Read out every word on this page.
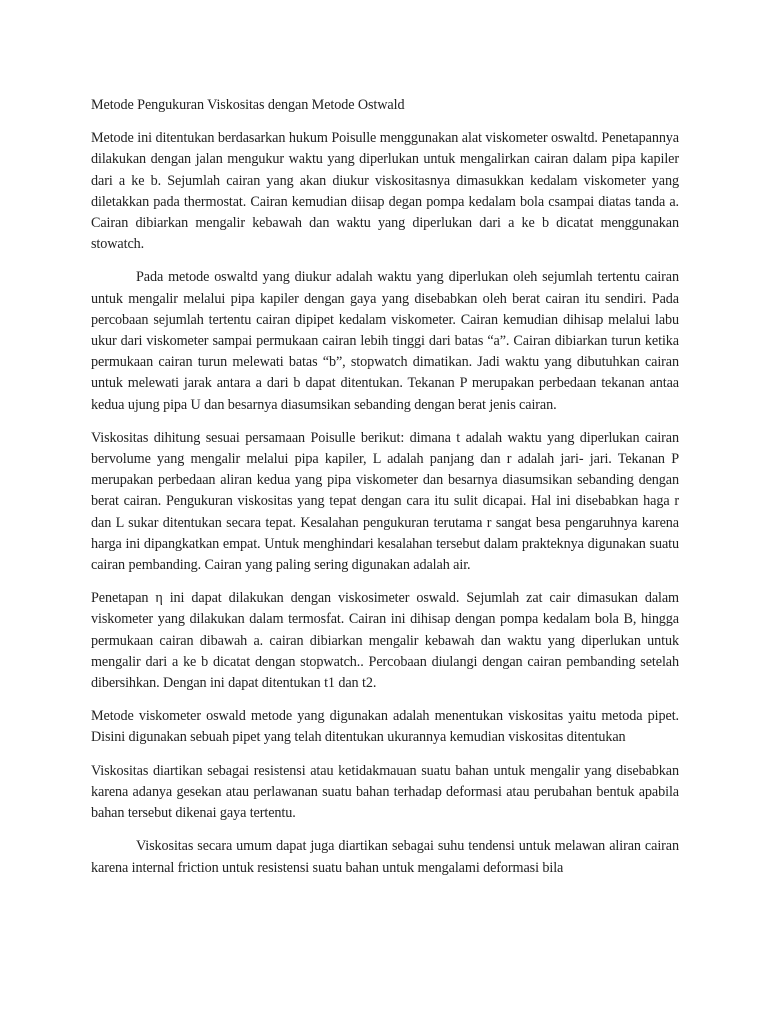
Metode Pengukuran Viskositas dengan Metode Ostwald

Metode ini ditentukan berdasarkan hukum Poisulle menggunakan alat viskometer oswaltd. Penetapannya dilakukan dengan jalan mengukur waktu yang diperlukan untuk mengalirkan cairan dalam pipa kapiler dari a ke b. Sejumlah cairan yang akan diukur viskositasnya dimasukkan kedalam viskometer yang diletakkan pada thermostat. Cairan kemudian diisap degan pompa kedalam bola csampai diatas tanda a. Cairan dibiarkan mengalir kebawah dan waktu yang diperlukan dari a ke b dicatat menggunakan stowatch.

Pada metode oswaltd yang diukur adalah waktu yang diperlukan oleh sejumlah tertentu cairan untuk mengalir melalui pipa kapiler dengan gaya yang disebabkan oleh berat cairan itu sendiri. Pada percobaan sejumlah tertentu cairan dipipet kedalam viskometer. Cairan kemudian dihisap melalui labu ukur dari viskometer sampai permukaan cairan lebih tinggi dari batas “a”. Cairan dibiarkan turun ketika permukaan cairan turun melewati batas “b”, stopwatch dimatikan. Jadi waktu yang dibutuhkan cairan untuk melewati jarak antara a dari b dapat ditentukan. Tekanan P merupakan perbedaan tekanan antaa kedua ujung pipa U dan besarnya diasumsikan sebanding dengan berat jenis cairan.

Viskositas dihitung sesuai persamaan Poisulle berikut: dimana t adalah waktu yang diperlukan cairan bervolume yang mengalir melalui pipa kapiler, L adalah panjang dan r adalah jari- jari. Tekanan P merupakan perbedaan aliran kedua yang pipa viskometer dan besarnya diasumsikan sebanding dengan berat cairan. Pengukuran viskositas yang tepat dengan cara itu sulit dicapai. Hal ini disebabkan haga r dan L sukar ditentukan secara tepat. Kesalahan pengukuran terutama r sangat besa pengaruhnya karena harga ini dipangkatkan empat. Untuk menghindari kesalahan tersebut dalam prakteknya digunakan suatu cairan pembanding. Cairan yang paling sering digunakan adalah air.

Penetapan η ini dapat dilakukan dengan viskosimeter oswald. Sejumlah zat cair dimasukan dalam viskometer yang dilakukan dalam termosfat. Cairan ini dihisap dengan pompa kedalam bola B, hingga permukaan cairan dibawah a. cairan dibiarkan mengalir kebawah dan waktu yang diperlukan untuk mengalir dari a ke b dicatat dengan stopwatch.. Percobaan diulangi dengan cairan pembanding setelah dibersihkan. Dengan ini dapat ditentukan t1 dan t2.

Metode viskometer oswald metode yang digunakan adalah menentukan viskositas yaitu metoda pipet. Disini digunakan sebuah pipet yang telah ditentukan ukurannya kemudian viskositas ditentukan

Viskositas diartikan sebagai resistensi atau ketidakmauan suatu bahan untuk mengalir yang disebabkan karena adanya gesekan atau perlawanan suatu bahan terhadap deformasi atau perubahan bentuk apabila bahan tersebut dikenai gaya tertentu.

Viskositas secara umum dapat juga diartikan sebagai suhu tendensi untuk melawan aliran cairan karena internal friction untuk resistensi suatu bahan untuk mengalami deformasi bila
